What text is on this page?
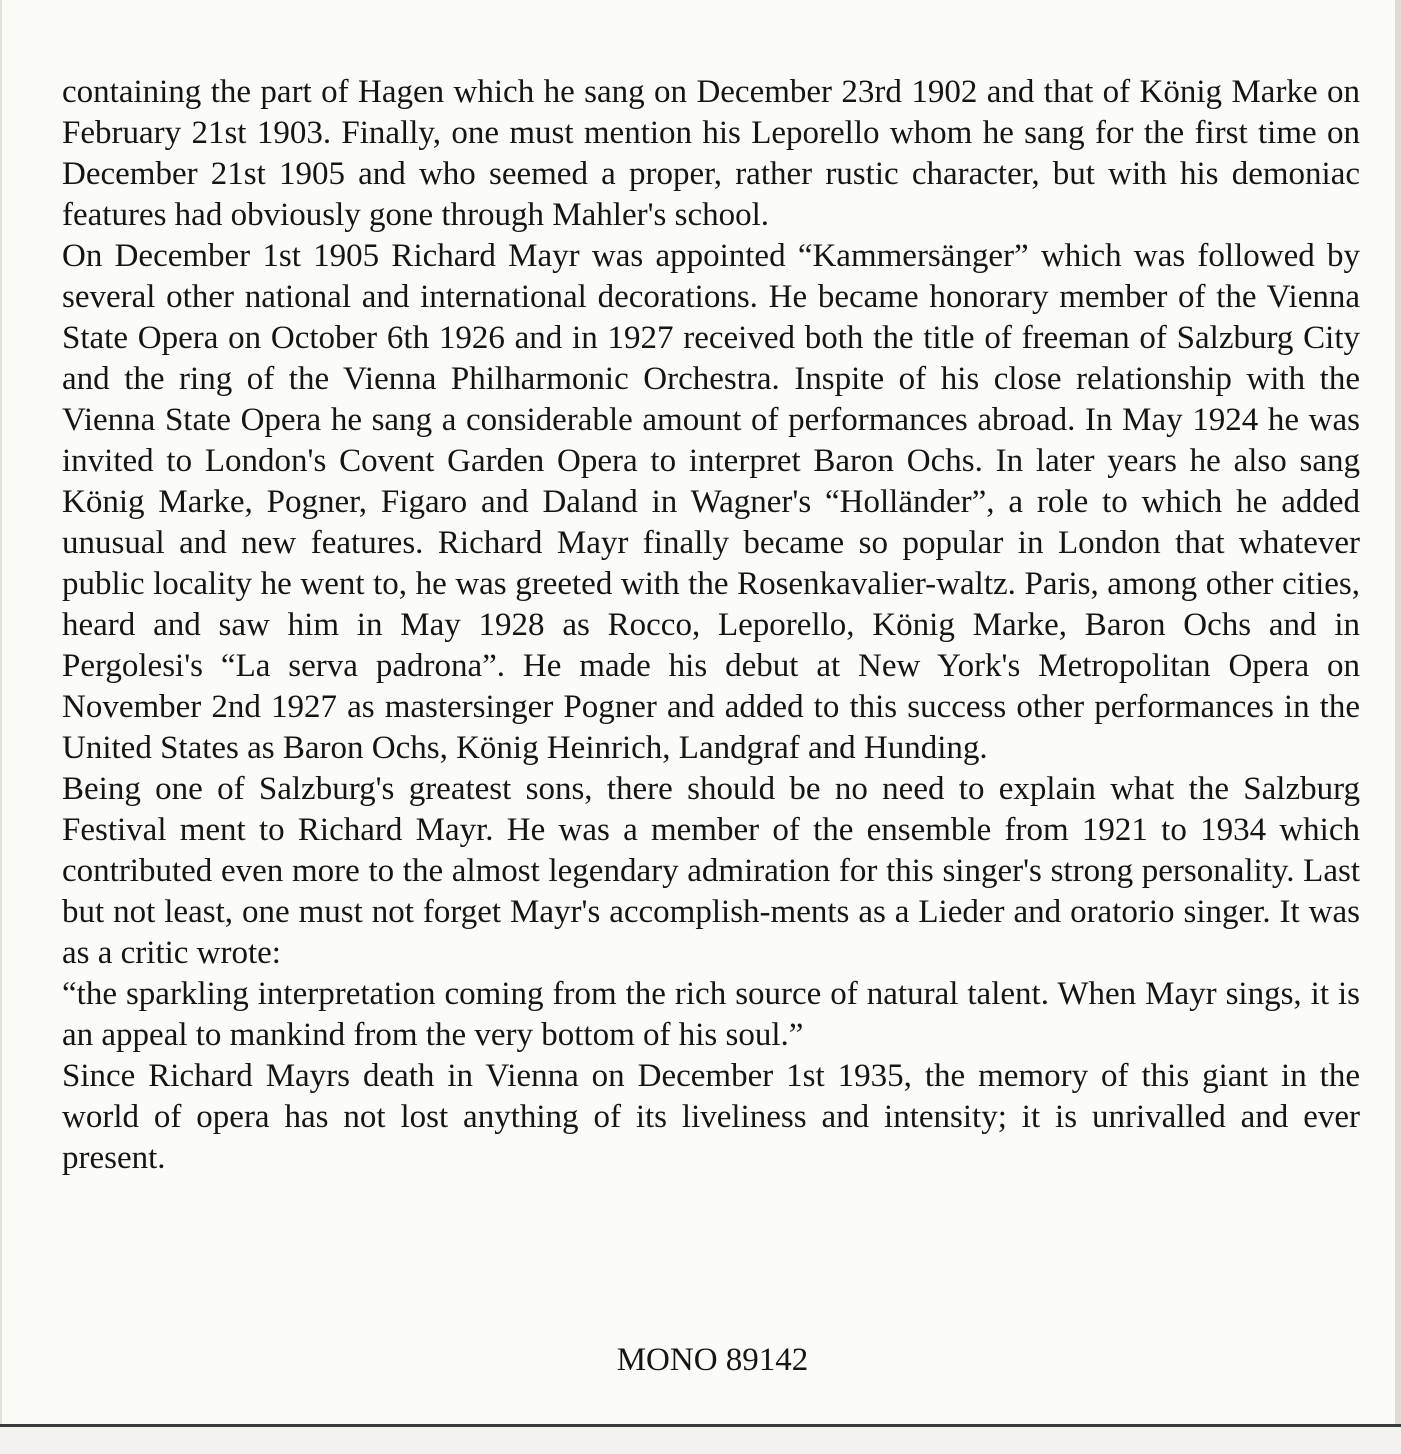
containing the part of Hagen which he sang on December 23rd 1902 and that of König Marke on February 21st 1903. Finally, one must mention his Leporello whom he sang for the first time on December 21st 1905 and who seemed a proper, rather rustic character, but with his demoniac features had obviously gone through Mahler's school.

On December 1st 1905 Richard Mayr was appointed “Kammersänger” which was followed by several other national and international decorations. He became honorary member of the Vienna State Opera on October 6th 1926 and in 1927 received both the title of freeman of Salzburg City and the ring of the Vienna Philharmonic Orchestra. Inspite of his close relationship with the Vienna State Opera he sang a considerable amount of performances abroad. In May 1924 he was invited to London's Covent Garden Opera to interpret Baron Ochs. In later years he also sang König Marke, Pogner, Figaro and Daland in Wagner's “Holländer”, a role to which he added unusual and new features. Richard Mayr finally became so popular in London that whatever public locality he went to, he was greeted with the Rosenkavalier-waltz. Paris, among other cities, heard and saw him in May 1928 as Rocco, Leporello, König Marke, Baron Ochs and in Pergolesi's “La serva padrona”. He made his debut at New York's Metropolitan Opera on November 2nd 1927 as mastersinger Pogner and added to this success other performances in the United States as Baron Ochs, König Heinrich, Landgraf and Hunding.

Being one of Salzburg's greatest sons, there should be no need to explain what the Salzburg Festival ment to Richard Mayr. He was a member of the ensemble from 1921 to 1934 which contributed even more to the almost legendary admiration for this singer's strong personality. Last but not least, one must not forget Mayr's accomplish-ments as a Lieder and oratorio singer. It was as a critic wrote:

“the sparkling interpretation coming from the rich source of natural talent. When Mayr sings, it is an appeal to mankind from the very bottom of his soul.”

Since Richard Mayrs death in Vienna on December 1st 1935, the memory of this giant in the world of opera has not lost anything of its liveliness and intensity; it is unrivalled and ever present.

MONO 89142
